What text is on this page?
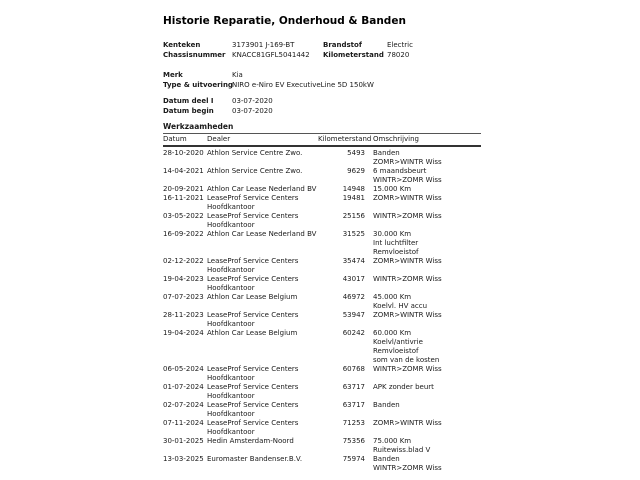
Historie Reparatie, Onderhoud & Banden
Kenteken	3173901 J-169-BT	Brandstof	Electric
Chassisnummer KNACC81GFL5041442	Kilometerstand 78020
Merk	Kia
Type & uitvoering NIRO e-Niro EV ExecutiveLine 5D 150kW
Datum deel I	03-07-2020
Datum begin	03-07-2020
Werkzaamheden
Datum	Dealer	Kilometerstand Omschrijving
28-10-2020 Athlon Service Centre Zwo.	5493 Banden
ZOMR>WINTR Wiss
14-04-2021 Athlon Service Centre Zwo.	9629 6 maandsbeurt
WINTR>ZOMR Wiss
20-09-2021 Athlon Car Lease Nederland BV	14948 15.000 Km
16-11-2021 LeaseProf Service Centers
Hoofdkantoor
19481 ZOMR>WINTR Wiss
03-05-2022 LeaseProf Service Centers
Hoofdkantoor
25156 WINTR>ZOMR Wiss
16-09-2022 Athlon Car Lease Nederland BV	31525 30.000 Km
Int luchtfilter
Remvloeistof
02-12-2022 LeaseProf Service Centers
Hoofdkantoor
35474 ZOMR>WINTR Wiss
19-04-2023 LeaseProf Service Centers
Hoofdkantoor
43017 WINTR>ZOMR Wiss
07-07-2023 Athlon Car Lease Belgium	46972 45.000 Km
Koelvl. HV accu
28-11-2023 LeaseProf Service Centers
Hoofdkantoor
53947 ZOMR>WINTR Wiss
19-04-2024 Athlon Car Lease Belgium	60242 60.000 Km
Koelvl/antivrie
Remvloeistof
som van de kosten
06-05-2024 LeaseProf Service Centers
Hoofdkantoor
60768 WINTR>ZOMR Wiss
01-07-2024 LeaseProf Service Centers
Hoofdkantoor
63717 APK zonder beurt
02-07-2024 LeaseProf Service Centers
Hoofdkantoor
63717 Banden
07-11-2024 LeaseProf Service Centers
Hoofdkantoor
71253 ZOMR>WINTR Wiss
30-01-2025 Hedin Amsterdam-Noord	75356 75.000 Km
Ruitewiss.blad V
13-03-2025 Euromaster Bandenser.B.V.	75974 Banden
WINTR>ZOMR Wiss
